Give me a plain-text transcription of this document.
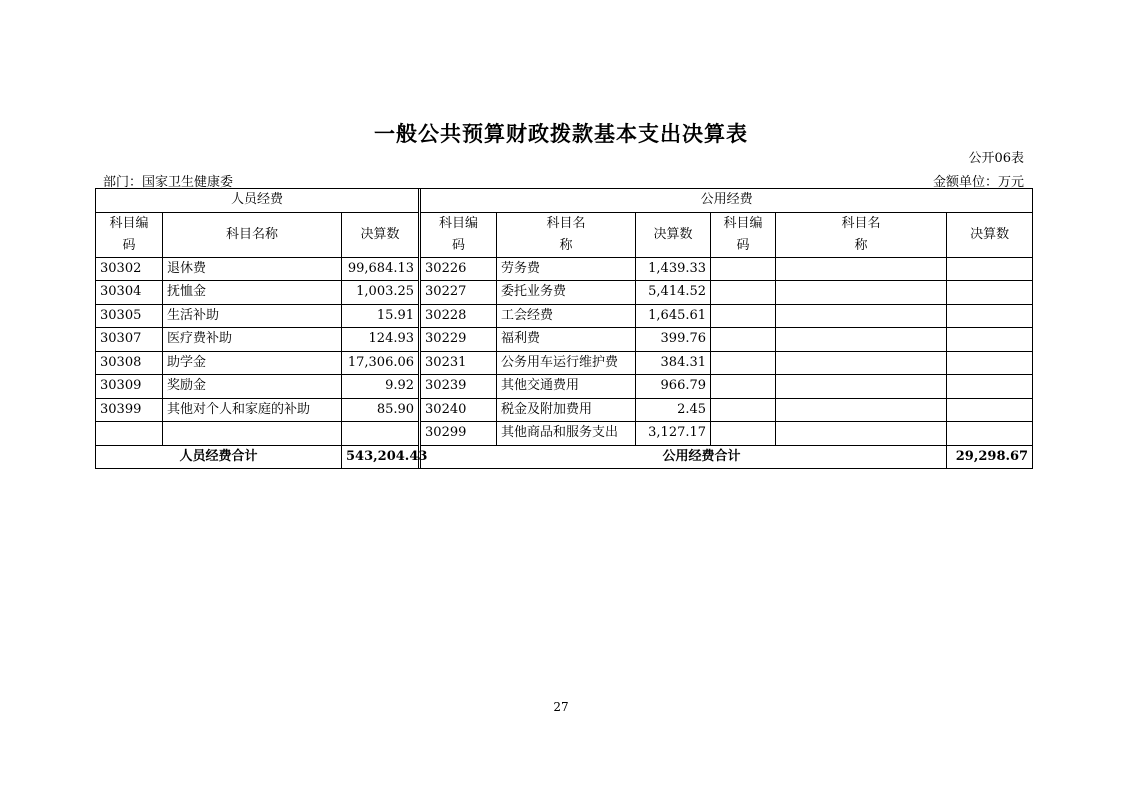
一般公共预算财政拨款基本支出决算表
公开06表
部门：国家卫生健康委	金额单位：万元
人员经费				公用经费					
科目编码	科目名称	决算数		科目编码	科目名称	决算数	科目编码	科目名称	决算数
30302	退休费	99,684.13		30226	劳务费	1,439.33			
30304	抚恤金	1,003.25		30227	委托业务费	5,414.52			
30305	生活补助	15.91		30228	工会经费	1,645.61			
30307	医疗费补助	124.93		30229	福利费	399.76			
30308	助学金	17,306.06		30231	公务用车运行维护费	384.31			
30309	奖励金	9.92		30239	其他交通费用	966.79			
30399	其他对个人和家庭的补助	85.90		30240	税金及附加费用	2.45			
				30299	其他商品和服务支出	3,127.17			
人员经费合计		543,204.43		公用经费合计					29,298.67
27
